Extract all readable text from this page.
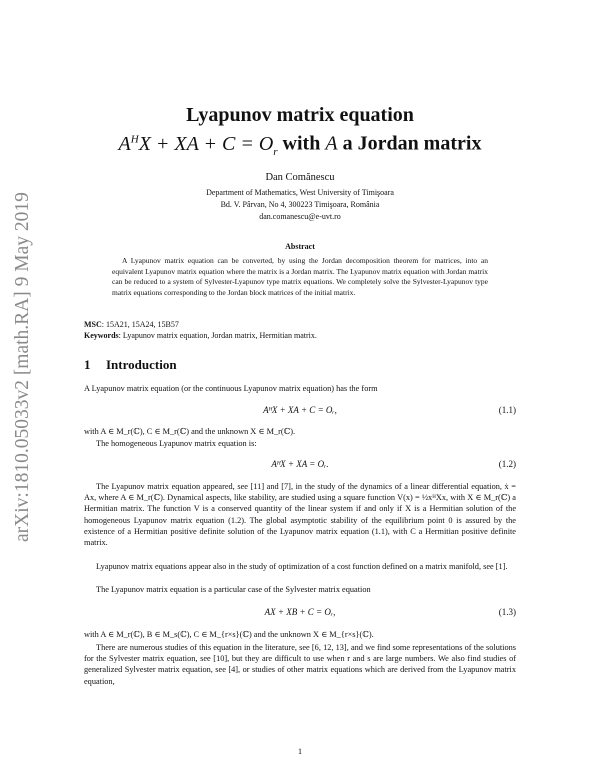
arXiv:1810.05033v2 [math.RA] 9 May 2019
Lyapunov matrix equation
$A^HX$ + XA + $C = O_r$ with A a Jordan matrix
Dan Comănescu
Department of Mathematics, West University of Timişoara
Bd. V. Pârvan, No 4, 300223 Timişoara, România
dan.comanescu@e-uvt.ro
Abstract

A Lyapunov matrix equation can be converted, by using the Jordan decomposition theorem for matrices, into an equivalent Lyapunov matrix equation where the matrix is a Jordan matrix. The Lyapunov matrix equation with Jordan matrix can be reduced to a system of Sylvester-Lyapunov type matrix equations. We completely solve the Sylvester-Lyapunov type matrix equations corresponding to the Jordan block matrices of the initial matrix.

MSC: 15A21, 15A24, 15B57
Keywords: Lyapunov matrix equation, Jordan matrix, Hermitian matrix.
1 Introduction

A Lyapunov matrix equation (or the continuous Lyapunov matrix equation) has the form

AᴴX + XA + C = Oᵣ,	(1.1)

with A ∈ M_r(ℂ), C ∈ M_r(ℂ) and the unknown X ∈ M_r(ℂ).

The homogeneous Lyapunov matrix equation is:

AᴴX + XA = Oᵣ.	(1.2)

The Lyapunov matrix equation appeared, see [11] and [7], in the study of the dynamics of a linear differential equation, ẋ = Ax, where A ∈ M_r(ℂ). Dynamical aspects, like stability, are studied using a square function V(x) = ½xᴴXx, with X ∈ M_r(ℂ) a Hermitian matrix. The function V is a conserved quantity of the linear system if and only if X is a Hermitian solution of the homogeneous Lyapunov matrix equation (1.2). The global asymptotic stability of the equilibrium point 0 is assured by the existence of a Hermitian positive definite solution of the Lyapunov matrix equation (1.1), with C a Hermitian positive definite matrix.

Lyapunov matrix equations appear also in the study of optimization of a cost function defined on a matrix manifold, see [1].

The Lyapunov matrix equation is a particular case of the Sylvester matrix equation

AX + XB + C = Oᵣ,	(1.3)

with A ∈ M_r(ℂ), B ∈ M_s(ℂ), C ∈ M_{r×s}(ℂ) and the unknown X ∈ M_{r×s}(ℂ).

There are numerous studies of this equation in the literature, see [6, 12, 13], and we find some representations of the solutions for the Sylvester matrix equation, see [10], but they are difficult to use when r and s are large numbers. We also find studies of generalized Sylvester matrix equation, see [4], or studies of other matrix equations which are derived from the Lyapunov matrix equation,

1
